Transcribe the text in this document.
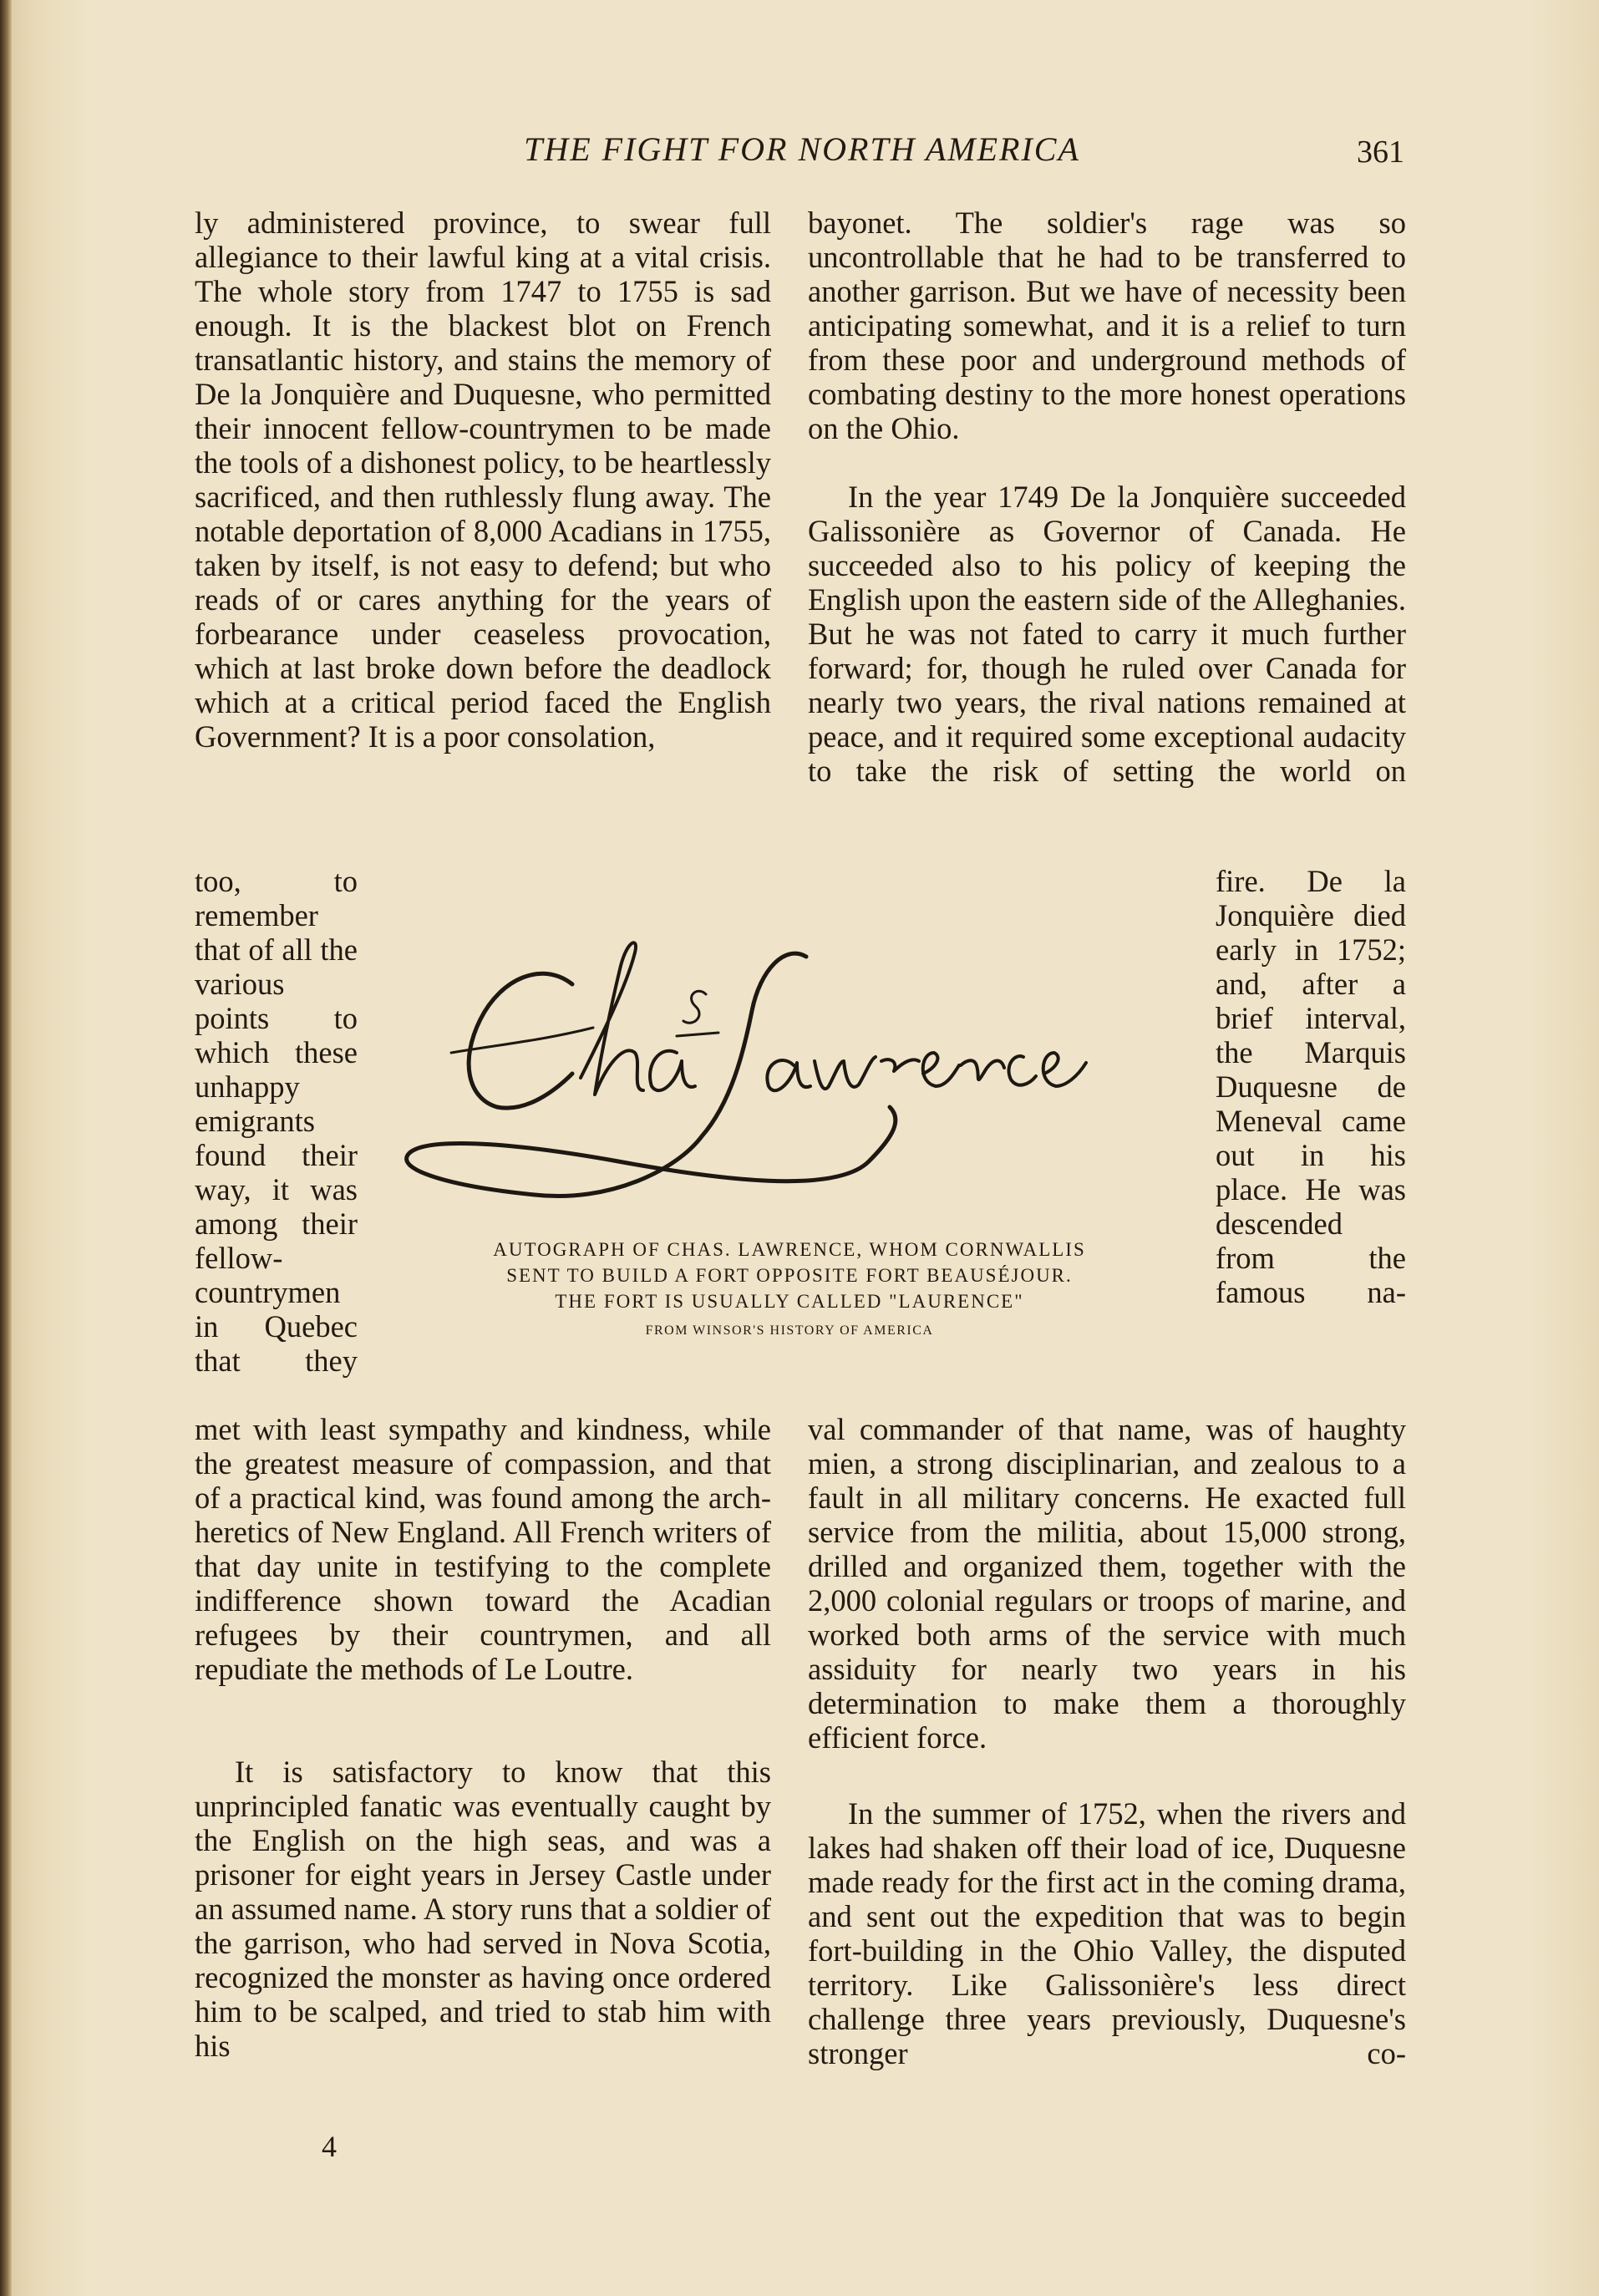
THE FIGHT FOR NORTH AMERICA	361

ly administered province, to swear full allegiance to their lawful king at a vital crisis. The whole story from 1747 to 1755 is sad enough. It is the blackest blot on French transatlantic history, and stains the memory of De la Jonquière and Duquesne, who permitted their innocent fellow-countrymen to be made the tools of a dishonest policy, to be heartlessly sacrificed, and then ruthlessly flung away. The notable deportation of 8,000 Acadians in 1755, taken by itself, is not easy to defend; but who reads of or cares anything for the years of forbearance under ceaseless provocation, which at last broke down before the deadlock which at a critical period faced the English Government? It is a poor consolation,

bayonet. The soldier's rage was so uncontrollable that he had to be transferred to another garrison. But we have of necessity been anticipating somewhat, and it is a relief to turn from these poor and underground methods of combating destiny to the more honest operations on the Ohio.

In the year 1749 De la Jonquière succeeded Galissonière as Governor of Canada. He succeeded also to his policy of keeping the English upon the eastern side of the Alleghanies. But he was not fated to carry it much further forward; for, though he ruled over Canada for nearly two years, the rival nations remained at peace, and it required some exceptional audacity to take the risk of setting the world on

too, to remember that of all the various points to which these unhappy emigrants found their way, it was among their fellow-countrymen in Quebec that they

fire. De la Jonquière died early in 1752; and, after a brief interval, the Marquis Duquesne de Meneval came out in his place. He was descended from the famous na-

AUTOGRAPH OF CHAS. LAWRENCE, WHOM CORNWALLIS
SENT TO BUILD A FORT OPPOSITE FORT BEAUSÉJOUR.
THE FORT IS USUALLY CALLED "LAURENCE"
FROM WINSOR'S HISTORY OF AMERICA

met with least sympathy and kindness, while the greatest measure of compassion, and that of a practical kind, was found among the arch-heretics of New England. All French writers of that day unite in testifying to the complete indifference shown toward the Acadian refugees by their countrymen, and all repudiate the methods of Le Loutre.

It is satisfactory to know that this unprincipled fanatic was eventually caught by the English on the high seas, and was a prisoner for eight years in Jersey Castle under an assumed name. A story runs that a soldier of the garrison, who had served in Nova Scotia, recognized the monster as having once ordered him to be scalped, and tried to stab him with his

val commander of that name, was of haughty mien, a strong disciplinarian, and zealous to a fault in all military concerns. He exacted full service from the militia, about 15,000 strong, drilled and organized them, together with the 2,000 colonial regulars or troops of marine, and worked both arms of the service with much assiduity for nearly two years in his determination to make them a thoroughly efficient force.

In the summer of 1752, when the rivers and lakes had shaken off their load of ice, Duquesne made ready for the first act in the coming drama, and sent out the expedition that was to begin fort-building in the Ohio Valley, the disputed territory. Like Galissonière's less direct challenge three years previously, Duquesne's stronger co-

4
